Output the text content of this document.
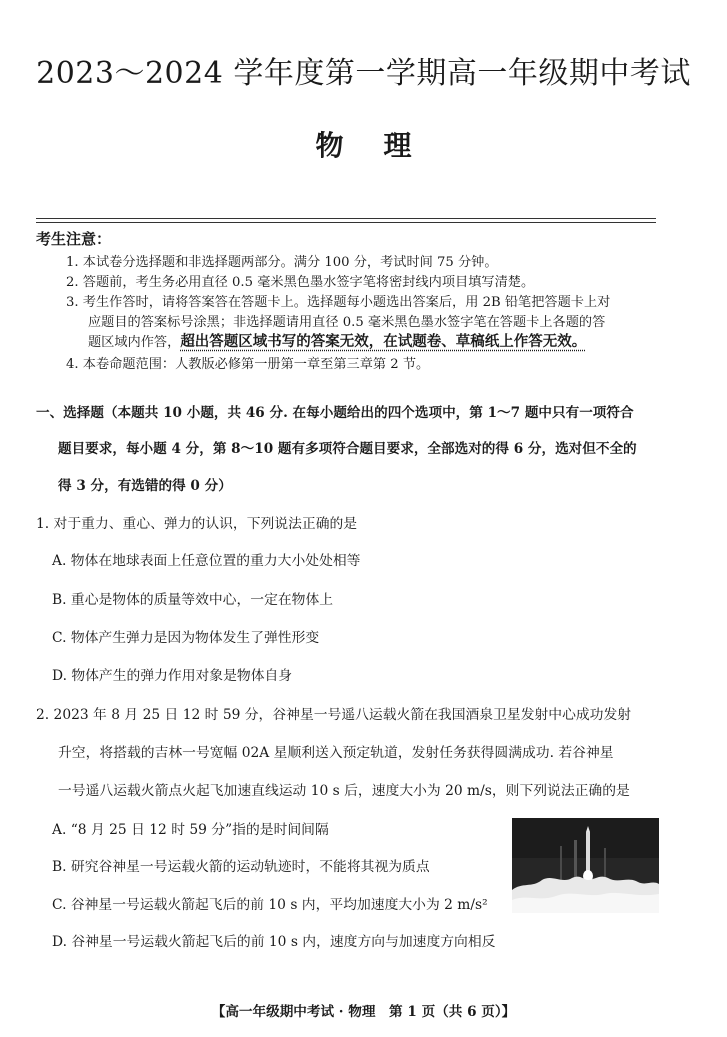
2023～2024 学年度第一学期高一年级期中考试
物理
考生注意：
1. 本试卷分选择题和非选择题两部分。满分 100 分，考试时间 75 分钟。
2. 答题前，考生务必用直径 0.5 毫米黑色墨水签字笔将密封线内项目填写清楚。
3. 考生作答时，请将答案答在答题卡上。选择题每小题选出答案后，用 2B 铅笔把答题卡上对
应题目的答案标号涂黑；非选择题请用直径 0.5 毫米黑色墨水签字笔在答题卡上各题的答
题区域内作答，超出答题区域书写的答案无效，在试题卷、草稿纸上作答无效。
4. 本卷命题范围：人教版必修第一册第一章至第三章第 2 节。
一、选择题（本题共 10 小题，共 46 分. 在每小题给出的四个选项中，第 1～7 题中只有一项符合
题目要求，每小题 4 分，第 8～10 题有多项符合题目要求，全部选对的得 6 分，选对但不全的
得 3 分，有选错的得 0 分）
1. 对于重力、重心、弹力的认识，下列说法正确的是
A. 物体在地球表面上任意位置的重力大小处处相等
B. 重心是物体的质量等效中心，一定在物体上
C. 物体产生弹力是因为物体发生了弹性形变
D. 物体产生的弹力作用对象是物体自身
2. 2023 年 8 月 25 日 12 时 59 分，谷神星一号遥八运载火箭在我国酒泉卫星发射中心成功发射
升空，将搭载的吉林一号宽幅 02A 星顺利送入预定轨道，发射任务获得圆满成功. 若谷神星
一号遥八运载火箭点火起飞加速直线运动 10 s 后，速度大小为 20 m/s，则下列说法正确的是
A. “8 月 25 日 12 时 59 分”指的是时间间隔
B. 研究谷神星一号运载火箭的运动轨迹时，不能将其视为质点
C. 谷神星一号运载火箭起飞后的前 10 s 内，平均加速度大小为 2 m/s²
D. 谷神星一号运载火箭起飞后的前 10 s 内，速度方向与加速度方向相反
【高一年级期中考试 · 物理　第 1 页（共 6 页）】
